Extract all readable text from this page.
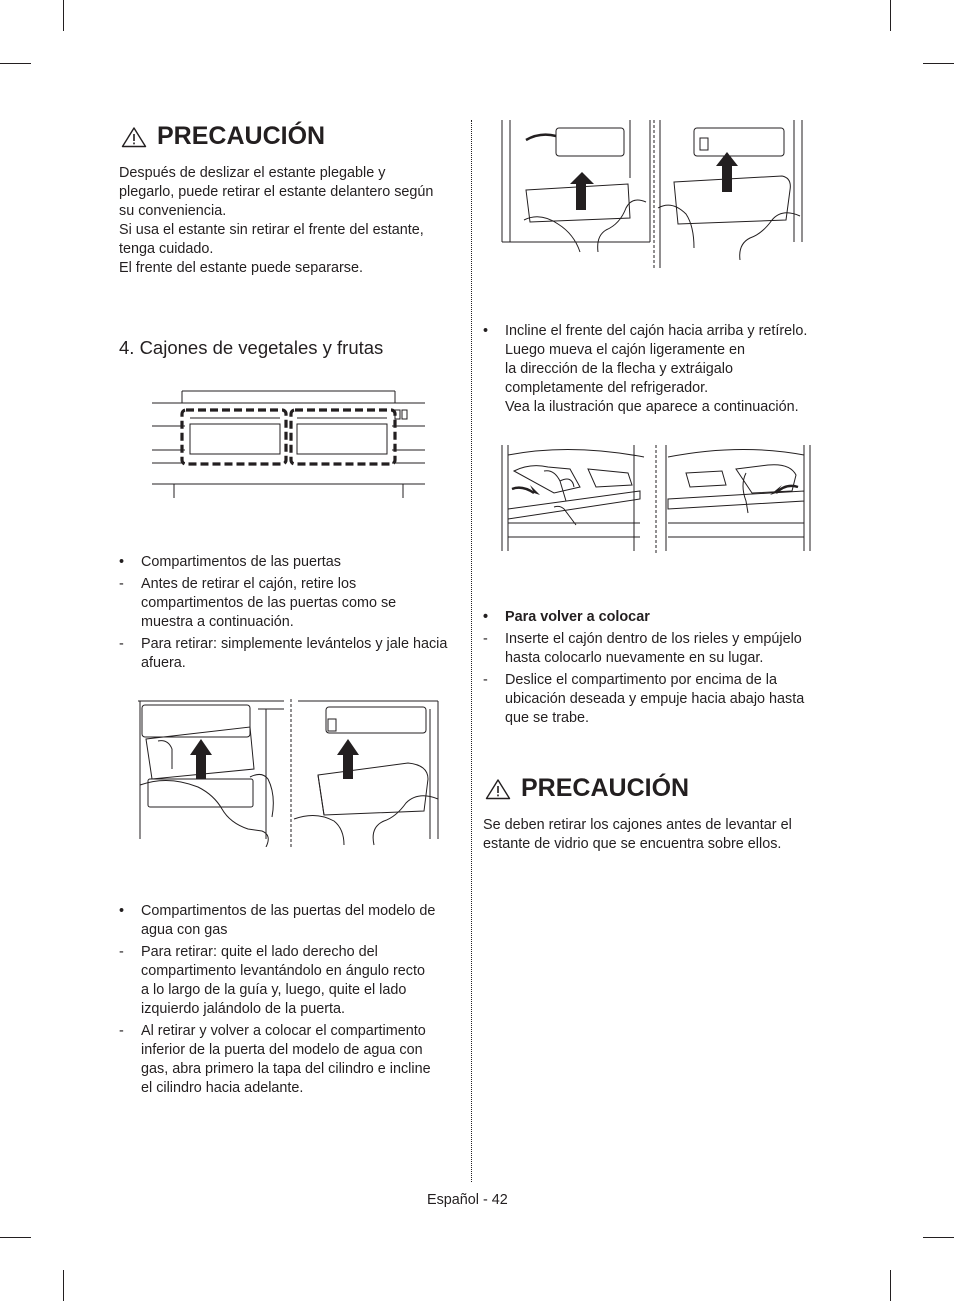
PRECAUCIÓN

Después de deslizar el estante plegable y

plegarlo, puede retirar el estante delantero según

su conveniencia.

Si usa el estante sin retirar el frente del estante,

tenga cuidado.

El frente del estante puede separarse.

4. Cajones de vegetales y frutas
• Compartimentos de las puertas
- Antes de retirar el cajón, retire los
compartimentos de las puertas como se
muestra a continuación.
- Para retirar: simplemente levántelos y jale hacia
afuera.
• Compartimentos de las puertas del modelo de
agua con gas
- Para retirar: quite el lado derecho del
compartimento levantándolo en ángulo recto
a lo largo de la guía y, luego, quite el lado
izquierdo jalándolo de la puerta.
- Al retirar y volver a colocar el compartimento
inferior de la puerta del modelo de agua con
gas, abra primero la tapa del cilindro e incline
el cilindro hacia adelante.
• Incline el frente del cajón hacia arriba y retírelo.
Luego mueva el cajón ligeramente en
la dirección de la flecha y extráigalo
completamente del refrigerador.
Vea la ilustración que aparece a continuación.
• Para volver a colocar
- Inserte el cajón dentro de los rieles y empújelo
hasta colocarlo nuevamente en su lugar.
- Deslice el compartimento por encima de la
ubicación deseada y empuje hacia abajo hasta
que se trabe.
PRECAUCIÓN

Se deben retirar los cajones antes de levantar el

estante de vidrio que se encuentra sobre ellos.

Español - 42
